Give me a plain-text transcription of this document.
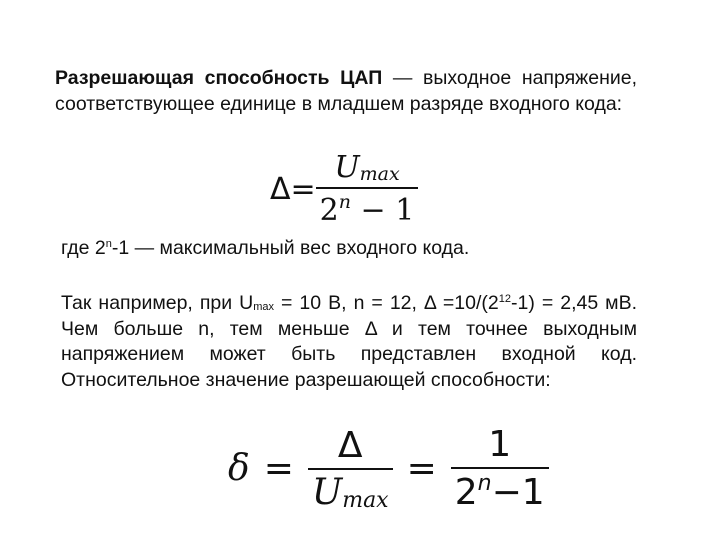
Разрешающая способность ЦАП — выходное напряжение, соответствующее единице в младшем разряде входного кода:

$\Delta= \frac{U_{max}}{2^n - 1}$

где 2$^n$-1 — максимальный вес входного кода.

Так например, при $U_{max} = 10$ В, n = 12, $\Delta =10/(2^{12}-1) = 2,45$ мВ. Чем больше n, тем меньше Δ и тем точнее выходным напряжением может быть представлен входной код. Относительное значение разрешающей способности:

$\delta = \frac{\Delta}{U_{max}} = \frac{1}{2^n-1}$
